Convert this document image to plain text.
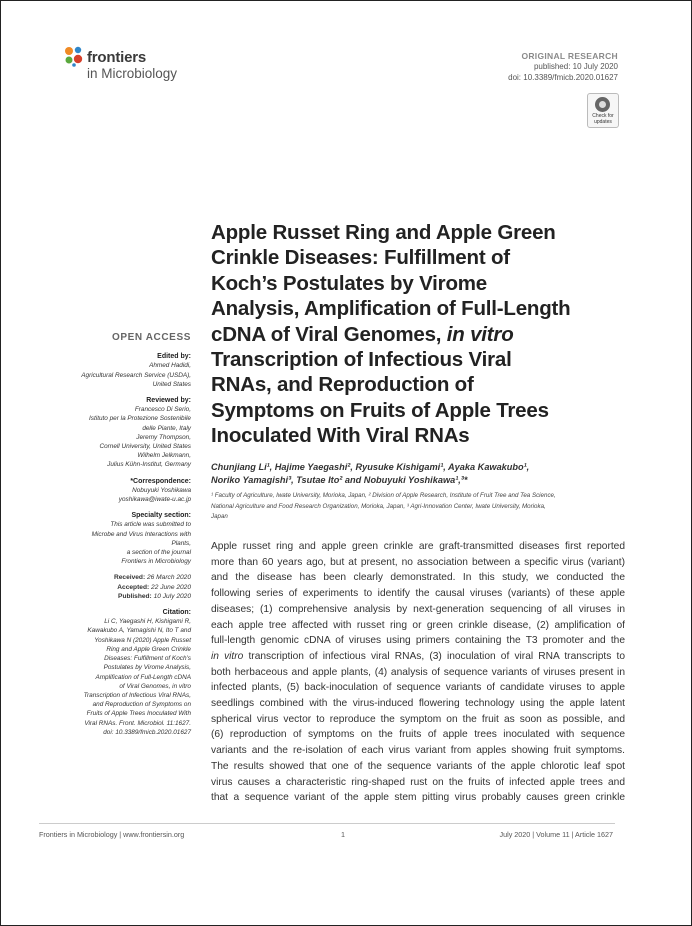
frontiers
in Microbiology
ORIGINAL RESEARCH
published: 10 July 2020
doi: 10.3389/fmicb.2020.01627
Check for
updates
Apple Russet Ring and Apple Green
Crinkle Diseases: Fulfillment of
Koch’s Postulates by Virome
Analysis, Amplification of Full-Length
cDNA of Viral Genomes, in vitro
Transcription of Infectious Viral
RNAs, and Reproduction of
Symptoms on Fruits of Apple Trees
Inoculated With Viral RNAs
Chunjiang Li¹, Hajime Yaegashi², Ryusuke Kishigami¹, Ayaka Kawakubo¹,
Noriko Yamagishi³, Tsutae Ito² and Nobuyuki Yoshikawa¹,³*
¹ Faculty of Agriculture, Iwate University, Morioka, Japan, ² Division of Apple Research, Institute of Fruit Tree and Tea Science,
National Agriculture and Food Research Organization, Morioka, Japan, ³ Agri-Innovation Center, Iwate University, Morioka,
Japan
OPEN ACCESS
Edited by:
Ahmed Hadidi,
Agricultural Research Service (USDA),
United States
Reviewed by:
Francesco Di Serio,
Istituto per la Protezione Sostenibile
delle Piante, Italy
Jeremy Thompson,
Cornell University, United States
Wilhelm Jelkmann,
Julius Kühn-Institut, Germany
*Correspondence:
Nobuyuki Yoshikawa
yoshikawa@iwate-u.ac.jp
Specialty section:
This article was submitted to
Microbe and Virus Interactions with
Plants,
a section of the journal
Frontiers in Microbiology
Received: 26 March 2020
Accepted: 22 June 2020
Published: 10 July 2020
Citation:
Li C, Yaegashi H, Kishigami R,
Kawakubo A, Yamagishi N, Ito T and
Yoshikawa N (2020) Apple Russet
Ring and Apple Green Crinkle
Diseases: Fulfillment of Koch’s
Postulates by Virome Analysis,
Amplification of Full-Length cDNA
of Viral Genomes, in vitro
Transcription of Infectious Viral RNAs,
and Reproduction of Symptoms on
Fruits of Apple Trees Inoculated With
Viral RNAs. Front. Microbiol. 11:1627.
doi: 10.3389/fmicb.2020.01627
Apple russet ring and apple green crinkle are graft-transmitted diseases first reported
more than 60 years ago, but at present, no association between a specific virus (variant)
and the disease has been clearly demonstrated. In this study, we conducted the
following series of experiments to identify the causal viruses (variants) of these apple
diseases; (1) comprehensive analysis by next-generation sequencing of all viruses in
each apple tree affected with russet ring or green crinkle disease, (2) amplification of
full-length genomic cDNA of viruses using primers containing the T3 promoter and the
in vitro transcription of infectious viral RNAs, (3) inoculation of viral RNA transcripts to
both herbaceous and apple plants, (4) analysis of sequence variants of viruses present in
infected plants, (5) back-inoculation of sequence variants of candidate viruses to apple
seedlings combined with the virus-induced flowering technology using the apple latent
spherical virus vector to reproduce the symptom on the fruit as soon as possible, and
(6) reproduction of symptoms on the fruits of apple trees inoculated with sequence
variants and the re-isolation of each virus variant from apples showing fruit symptoms.
The results showed that one of the sequence variants of the apple chlorotic leaf spot
virus causes a characteristic ring-shaped rust on the fruits of infected apple trees and
that a sequence variant of the apple stem pitting virus probably causes green crinkle
Frontiers in Microbiology | www.frontiersin.org	1	July 2020 | Volume 11 | Article 1627
